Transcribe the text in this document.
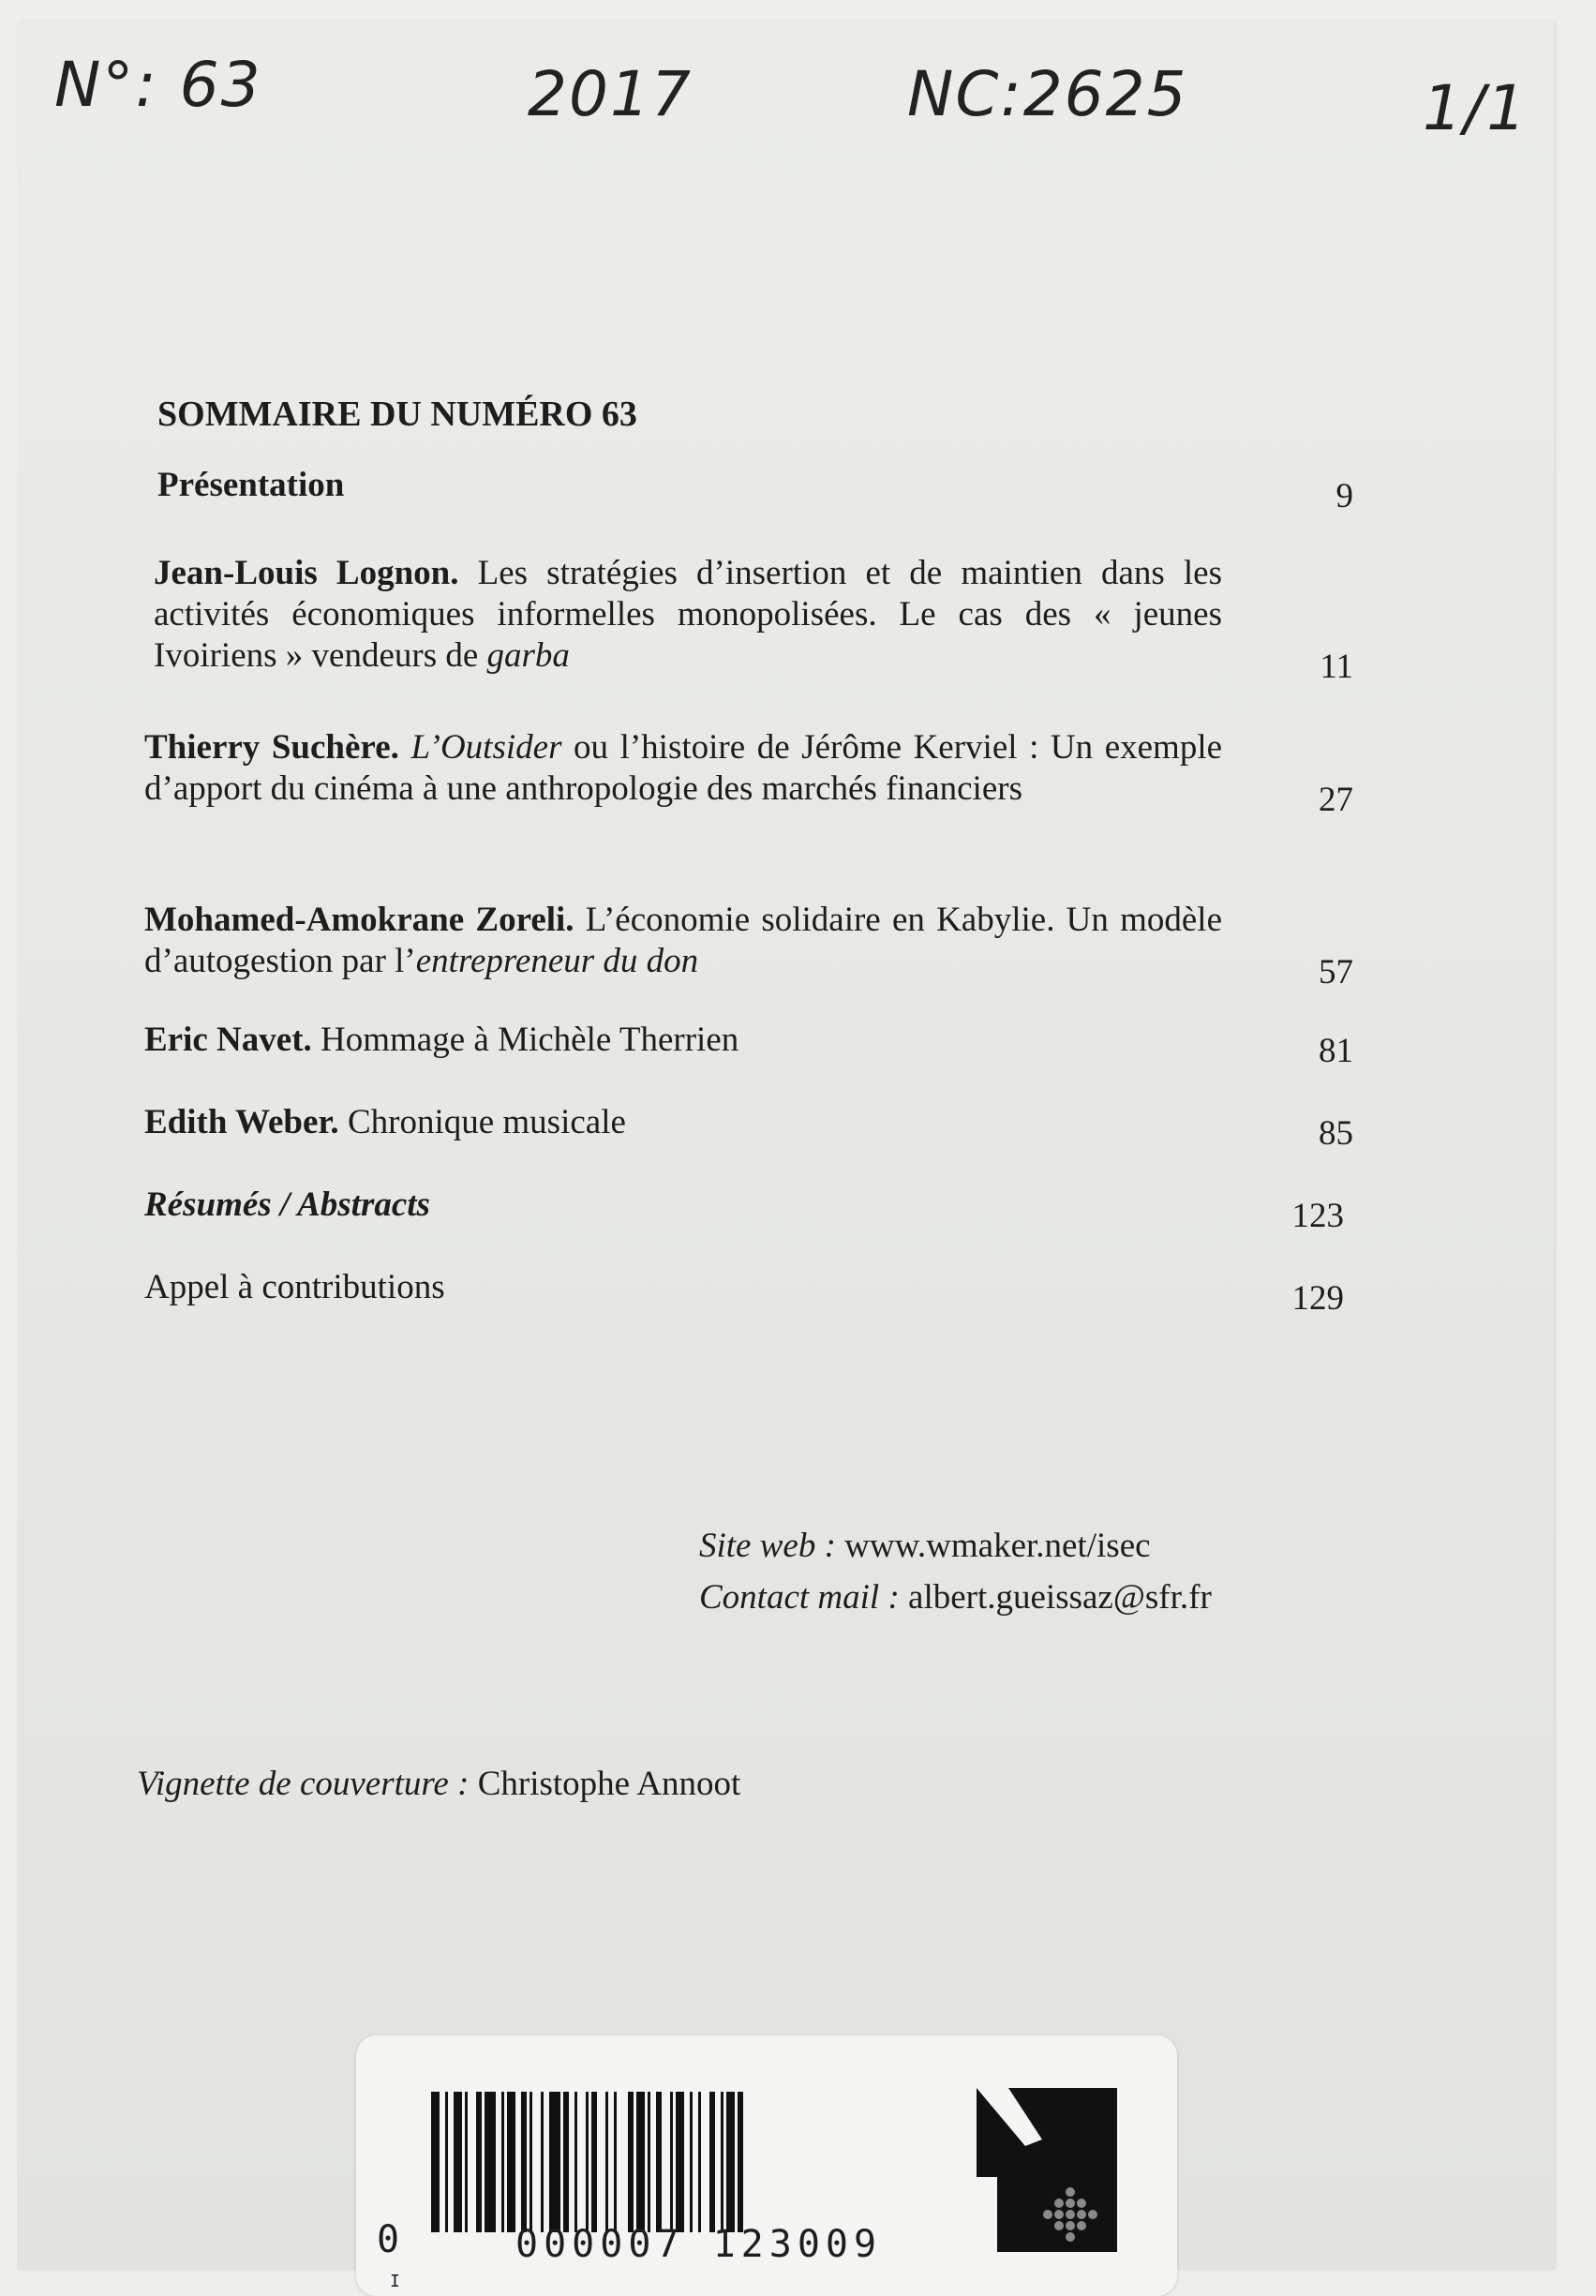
N°: 63	2017	NC:2625	1/1
SOMMAIRE DU NUMÉRO 63
Présentation	9
Jean-Louis Lognon. Les stratégies d’insertion et de maintien dans les activités économiques informelles monopolisées. Le cas des « jeunes Ivoiriens » vendeurs de garba	11
Thierry Suchère. L’Outsider ou l’histoire de Jérôme Kerviel : Un exemple d’apport du cinéma à une anthropologie des marchés financiers	27
Mohamed-Amokrane Zoreli. L’économie solidaire en Kabylie. Un modèle d’autogestion par l’entrepreneur du don	57
Eric Navet. Hommage à Michèle Therrien	81
Edith Weber. Chronique musicale	85
Résumés / Abstracts	123
Appel à contributions	129
Site web : www.wmaker.net/isec
Contact mail : albert.gueissaz@sfr.fr
Vignette de couverture : Christophe Annoot
0	000007 123009
I
